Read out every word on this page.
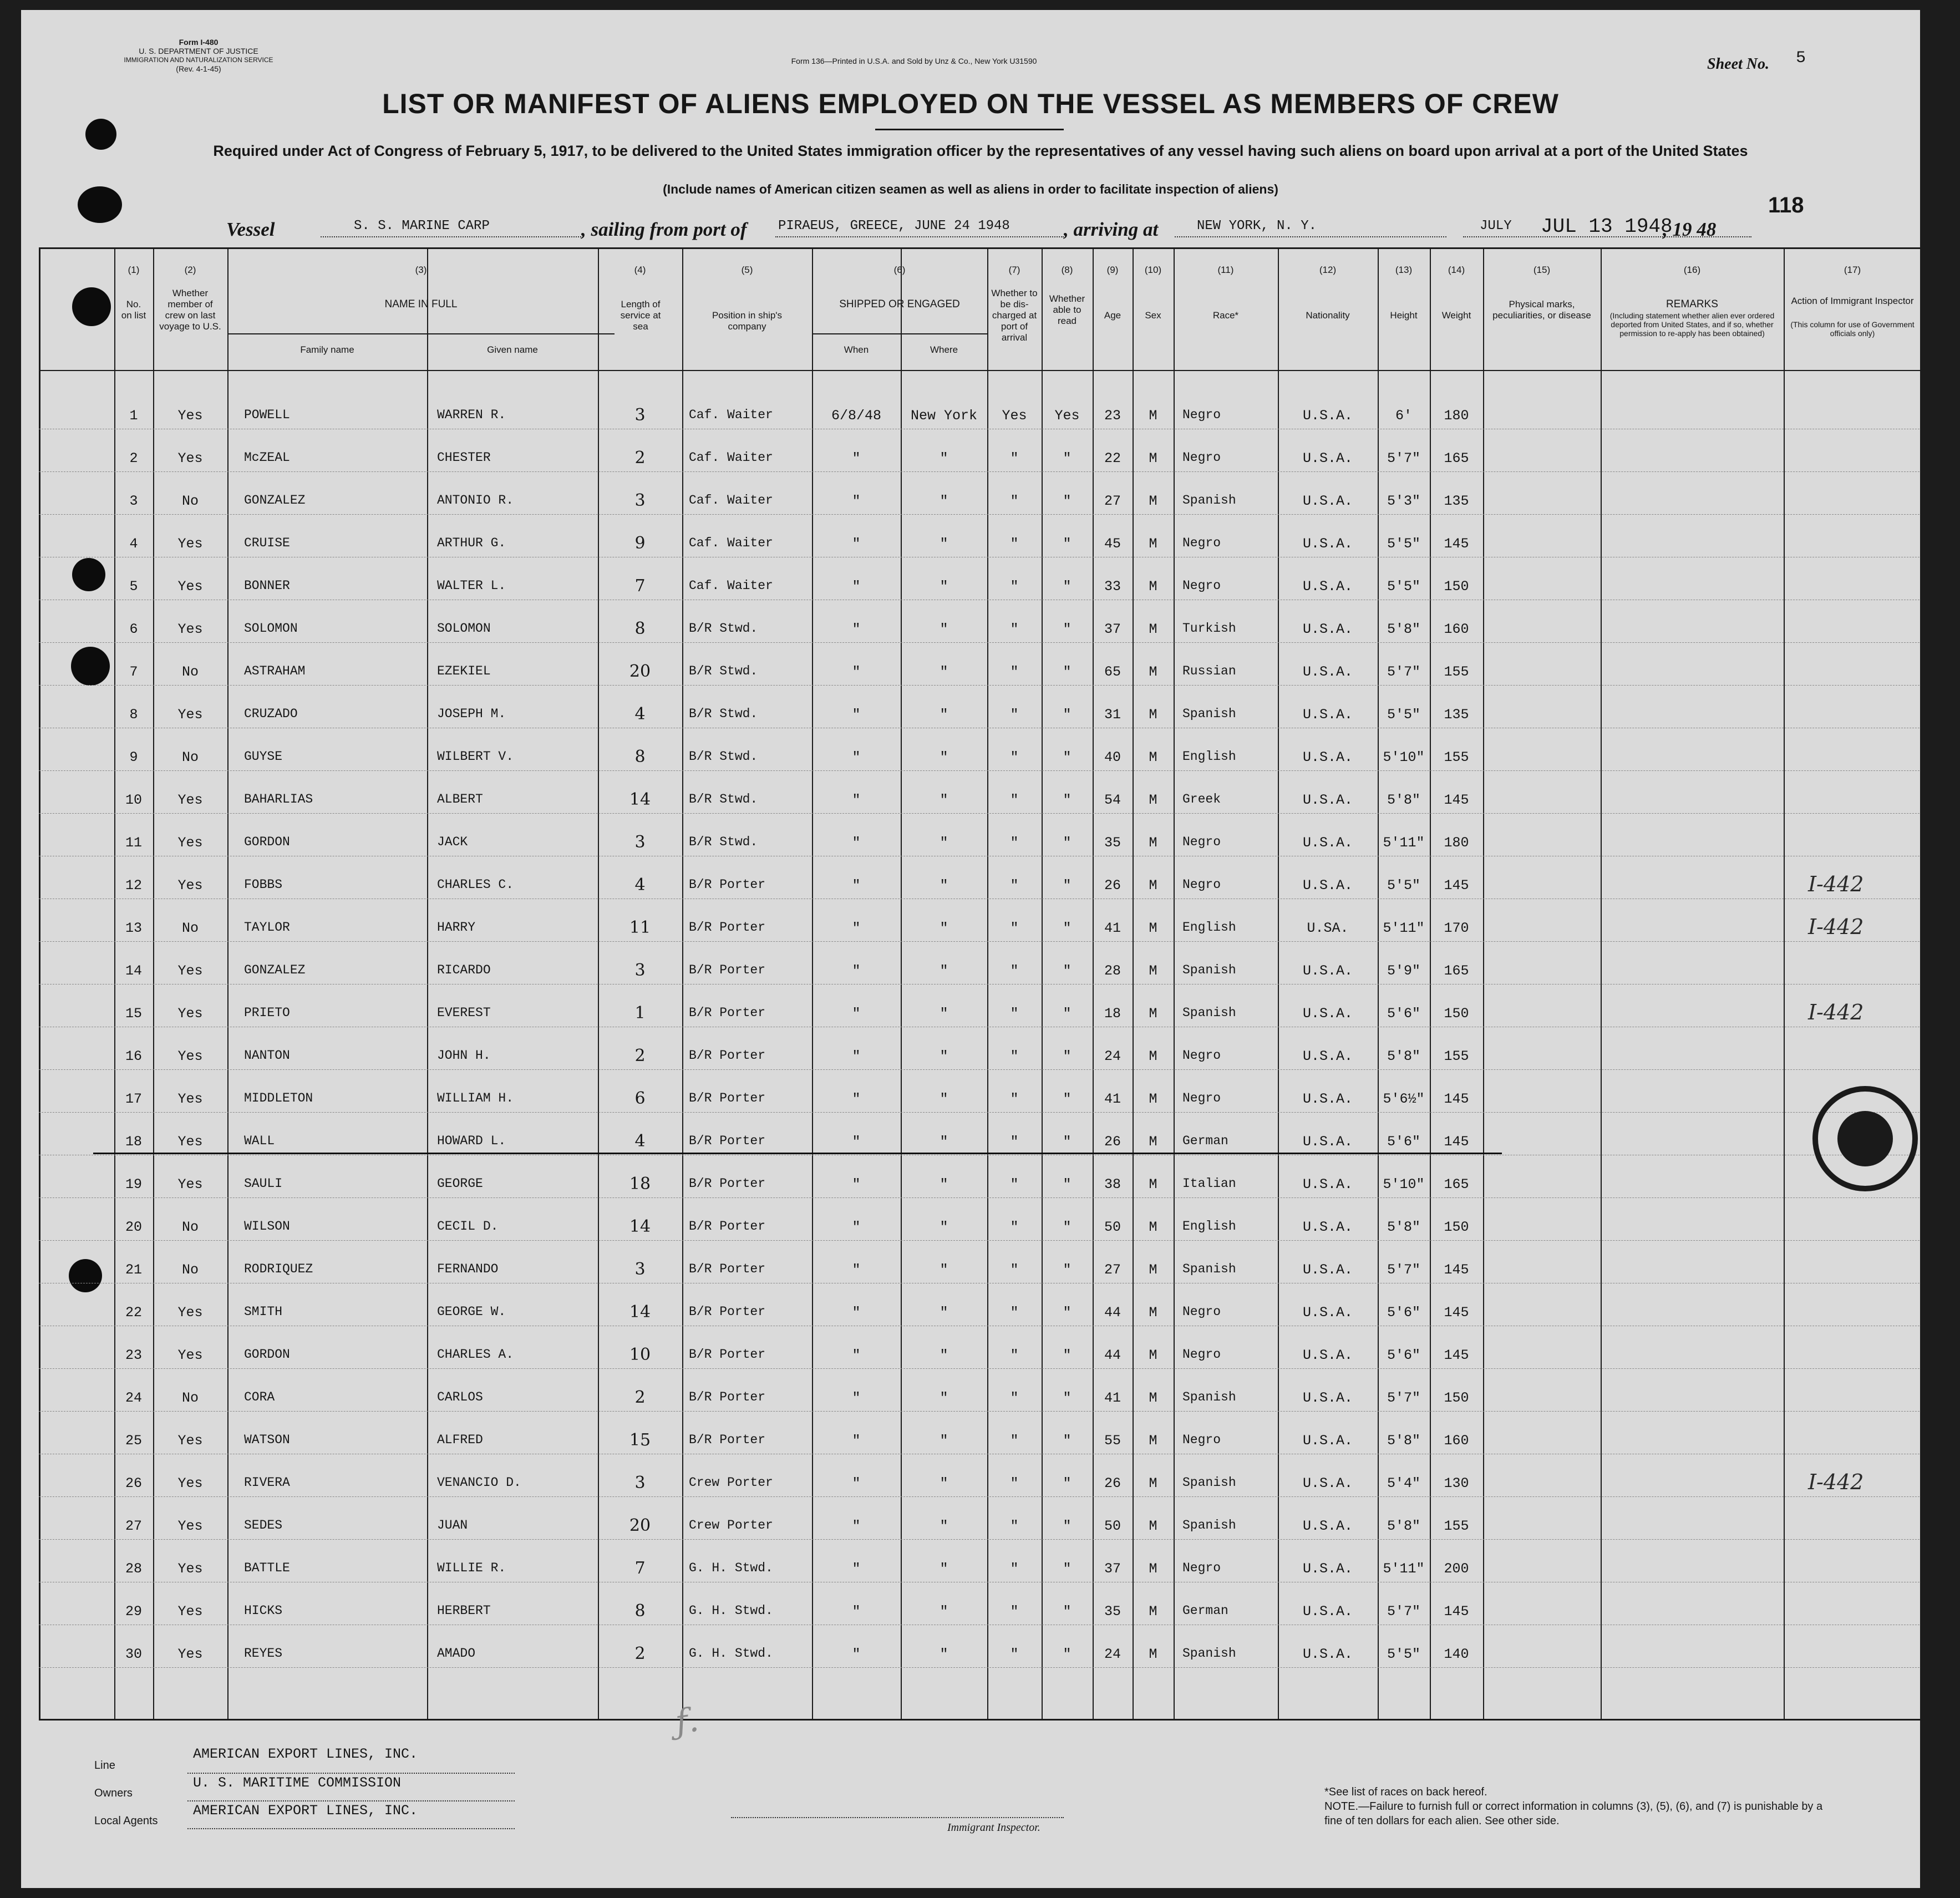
Form I-480
U. S. DEPARTMENT OF JUSTICE
IMMIGRATION AND NATURALIZATION SERVICE
(Rev. 4-1-45)
Form 136—Printed in U.S.A. and Sold by Unz & Co., New York U31590	Sheet No. 5
LIST OR MANIFEST OF ALIENS EMPLOYED ON THE VESSEL AS MEMBERS OF CREW
Required under Act of Congress of February 5, 1917, to be delivered to the United States immigration officer by the representatives of any vessel having such aliens on board upon arrival at a port of the United States
(Include names of American citizen seamen as well as aliens in order to facilitate inspection of aliens)
Vessel	S. S. MARINE CARP	, sailing from port of PIRAEUS, GREECE, JUNE 24 1948	, arriving at	NEW YORK, N. Y.	JULY JUL 13 1948
, 19 48
118
(1)
No. on list
(2)
Whether member of crew on last voyage to U.S.
(3)
NAME IN FULL
Family name	Given name
(4)
Length of service at sea
(5)
Position in ship's company
(6)
SHIPPED OR ENGAGED
When	Where
(7)
Whether to be dis-charged at port of arrival
(8)
Whether able to read
(9)
Age
(10)
Sex
(11)
Race*
(12)
Nationality
(13)
Height
(14)
Weight
(15)
Physical marks, peculiarities, or disease
(16)
REMARKS
(Including statement whether alien ever ordered deported from United States, and if so, whether permission to re-apply has been obtained)
(17)
Action of Immigrant Inspector
(This column for use of Government officials only)
1	Yes	POWELL	WARREN R.	3	Caf. Waiter	6/8/48	New York	Yes	Yes	23	M	Negro	U.S.A.	6'	180
2	Yes	McZEAL	CHESTER	2	Caf. Waiter	"	"	"	"	22	M	Negro	U.S.A.	5'7"	165
3	No	GONZALEZ	ANTONIO R.	3	Caf. Waiter	"	"	"	"	27	M	Spanish	U.S.A.	5'3"	135
4	Yes	CRUISE	ARTHUR G.	9	Caf. Waiter	"	"	"	"	45	M	Negro	U.S.A.	5'5"	145
5	Yes	BONNER	WALTER L.	7	Caf. Waiter	"	"	"	"	33	M	Negro	U.S.A.	5'5"	150
6	Yes	SOLOMON	SOLOMON	8	B/R Stwd.	"	"	"	"	37	M	Turkish	U.S.A.	5'8"	160
7	No	ASTRAHAM	EZEKIEL	20	B/R Stwd.	"	"	"	"	65	M	Russian	U.S.A.	5'7"	155
8	Yes	CRUZADO	JOSEPH M.	4	B/R Stwd.	"	"	"	"	31	M	Spanish	U.S.A.	5'5"	135
9	No	GUYSE	WILBERT V.	8	B/R Stwd.	"	"	"	"	40	M	English	U.S.A.	5'10"	155
10	Yes	BAHARLIAS	ALBERT	14	B/R Stwd.	"	"	"	"	54	M	Greek	U.S.A.	5'8"	145
11	Yes	GORDON	JACK	3	B/R Stwd.	"	"	"	"	35	M	Negro	U.S.A.	5'11"	180
12	Yes	FOBBS	CHARLES C.	4	B/R Porter	"	"	"	"	26	M	Negro	U.S.A.	5'5"	145	I-442
13	No	TAYLOR	HARRY	11	B/R Porter	"	"	"	"	41	M	English	U.SA.	5'11"	170	I-442
14	Yes	GONZALEZ	RICARDO	3	B/R Porter	"	"	"	"	28	M	Spanish	U.S.A.	5'9"	165
15	Yes	PRIETO	EVEREST	1	B/R Porter	"	"	"	"	18	M	Spanish	U.S.A.	5'6"	150	I-442
16	Yes	NANTON	JOHN H.	2	B/R Porter	"	"	"	"	24	M	Negro	U.S.A.	5'8"	155
17	Yes	MIDDLETON	WILLIAM H.	6	B/R Porter	"	"	"	"	41	M	Negro	U.S.A.	5'6½"	145
18	Yes	WALL	HOWARD L.	4	B/R Porter	"	"	"	"	26	M	German	U.S.A.	5'6"	145
19	Yes	SAULI	GEORGE	18	B/R Porter	"	"	"	"	38	M	Italian	U.S.A.	5'10"	165
20	No	WILSON	CECIL D.	14	B/R Porter	"	"	"	"	50	M	English	U.S.A.	5'8"	150
21	No	RODRIQUEZ	FERNANDO	3	B/R Porter	"	"	"	"	27	M	Spanish	U.S.A.	5'7"	145
22	Yes	SMITH	GEORGE W.	14	B/R Porter	"	"	"	"	44	M	Negro	U.S.A.	5'6"	145
23	Yes	GORDON	CHARLES A.	10	B/R Porter	"	"	"	"	44	M	Negro	U.S.A.	5'6"	145
24	No	CORA	CARLOS	2	B/R Porter	"	"	"	"	41	M	Spanish	U.S.A.	5'7"	150
25	Yes	WATSON	ALFRED	15	B/R Porter	"	"	"	"	55	M	Negro	U.S.A.	5'8"	160
26	Yes	RIVERA	VENANCIO D.	3	Crew Porter	"	"	"	"	26	M	Spanish	U.S.A.	5'4"	130	I-442
27	Yes	SEDES	JUAN	20	Crew Porter	"	"	"	"	50	M	Spanish	U.S.A.	5'8"	155
28	Yes	BATTLE	WILLIE R.	7	G. H. Stwd.	"	"	"	"	37	M	Negro	U.S.A.	5'11"	200
29	Yes	HICKS	HERBERT	8	G. H. Stwd.	"	"	"	"	35	M	German	U.S.A.	5'7"	145
30	Yes	REYES	AMADO	2	G. H. Stwd.	"	"	"	"	24	M	Spanish	U.S.A.	5'5"	140
ƒ.
Line
AMERICAN EXPORT LINES, INC.
Owners
U. S. MARITIME COMMISSION
Local Agents
AMERICAN EXPORT LINES, INC.
Immigrant Inspector.
*See list of races on back hereof.
NOTE.—Failure to furnish full or correct information in columns (3), (5), (6), and (7) is punishable by a fine of ten dollars for each alien. See other side.
